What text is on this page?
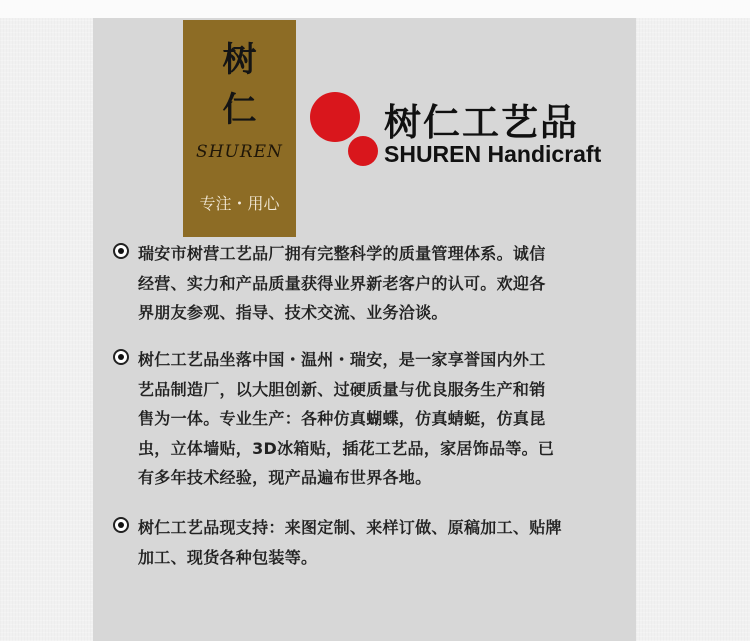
树
仁
SHUREN
专注・用心
树仁工艺品
SHUREN Handicraft
瑞安市树营工艺品厂拥有完整科学的质量管理体系。诚信
经营、实力和产品质量获得业界新老客户的认可。欢迎各
界朋友参观、指导、技术交流、业务洽谈。
树仁工艺品坐落中国・温州・瑞安，是一家享誉国内外工
艺品制造厂，以大胆创新、过硬质量与优良服务生产和销
售为一体。专业生产：各种仿真蝴蝶，仿真蜻蜓，仿真昆
虫，立体墙贴，3D冰箱贴，插花工艺品，家居饰品等。已
有多年技术经验，现产品遍布世界各地。
树仁工艺品现支持：来图定制、来样订做、原稿加工、贴牌
加工、现货各种包装等。
